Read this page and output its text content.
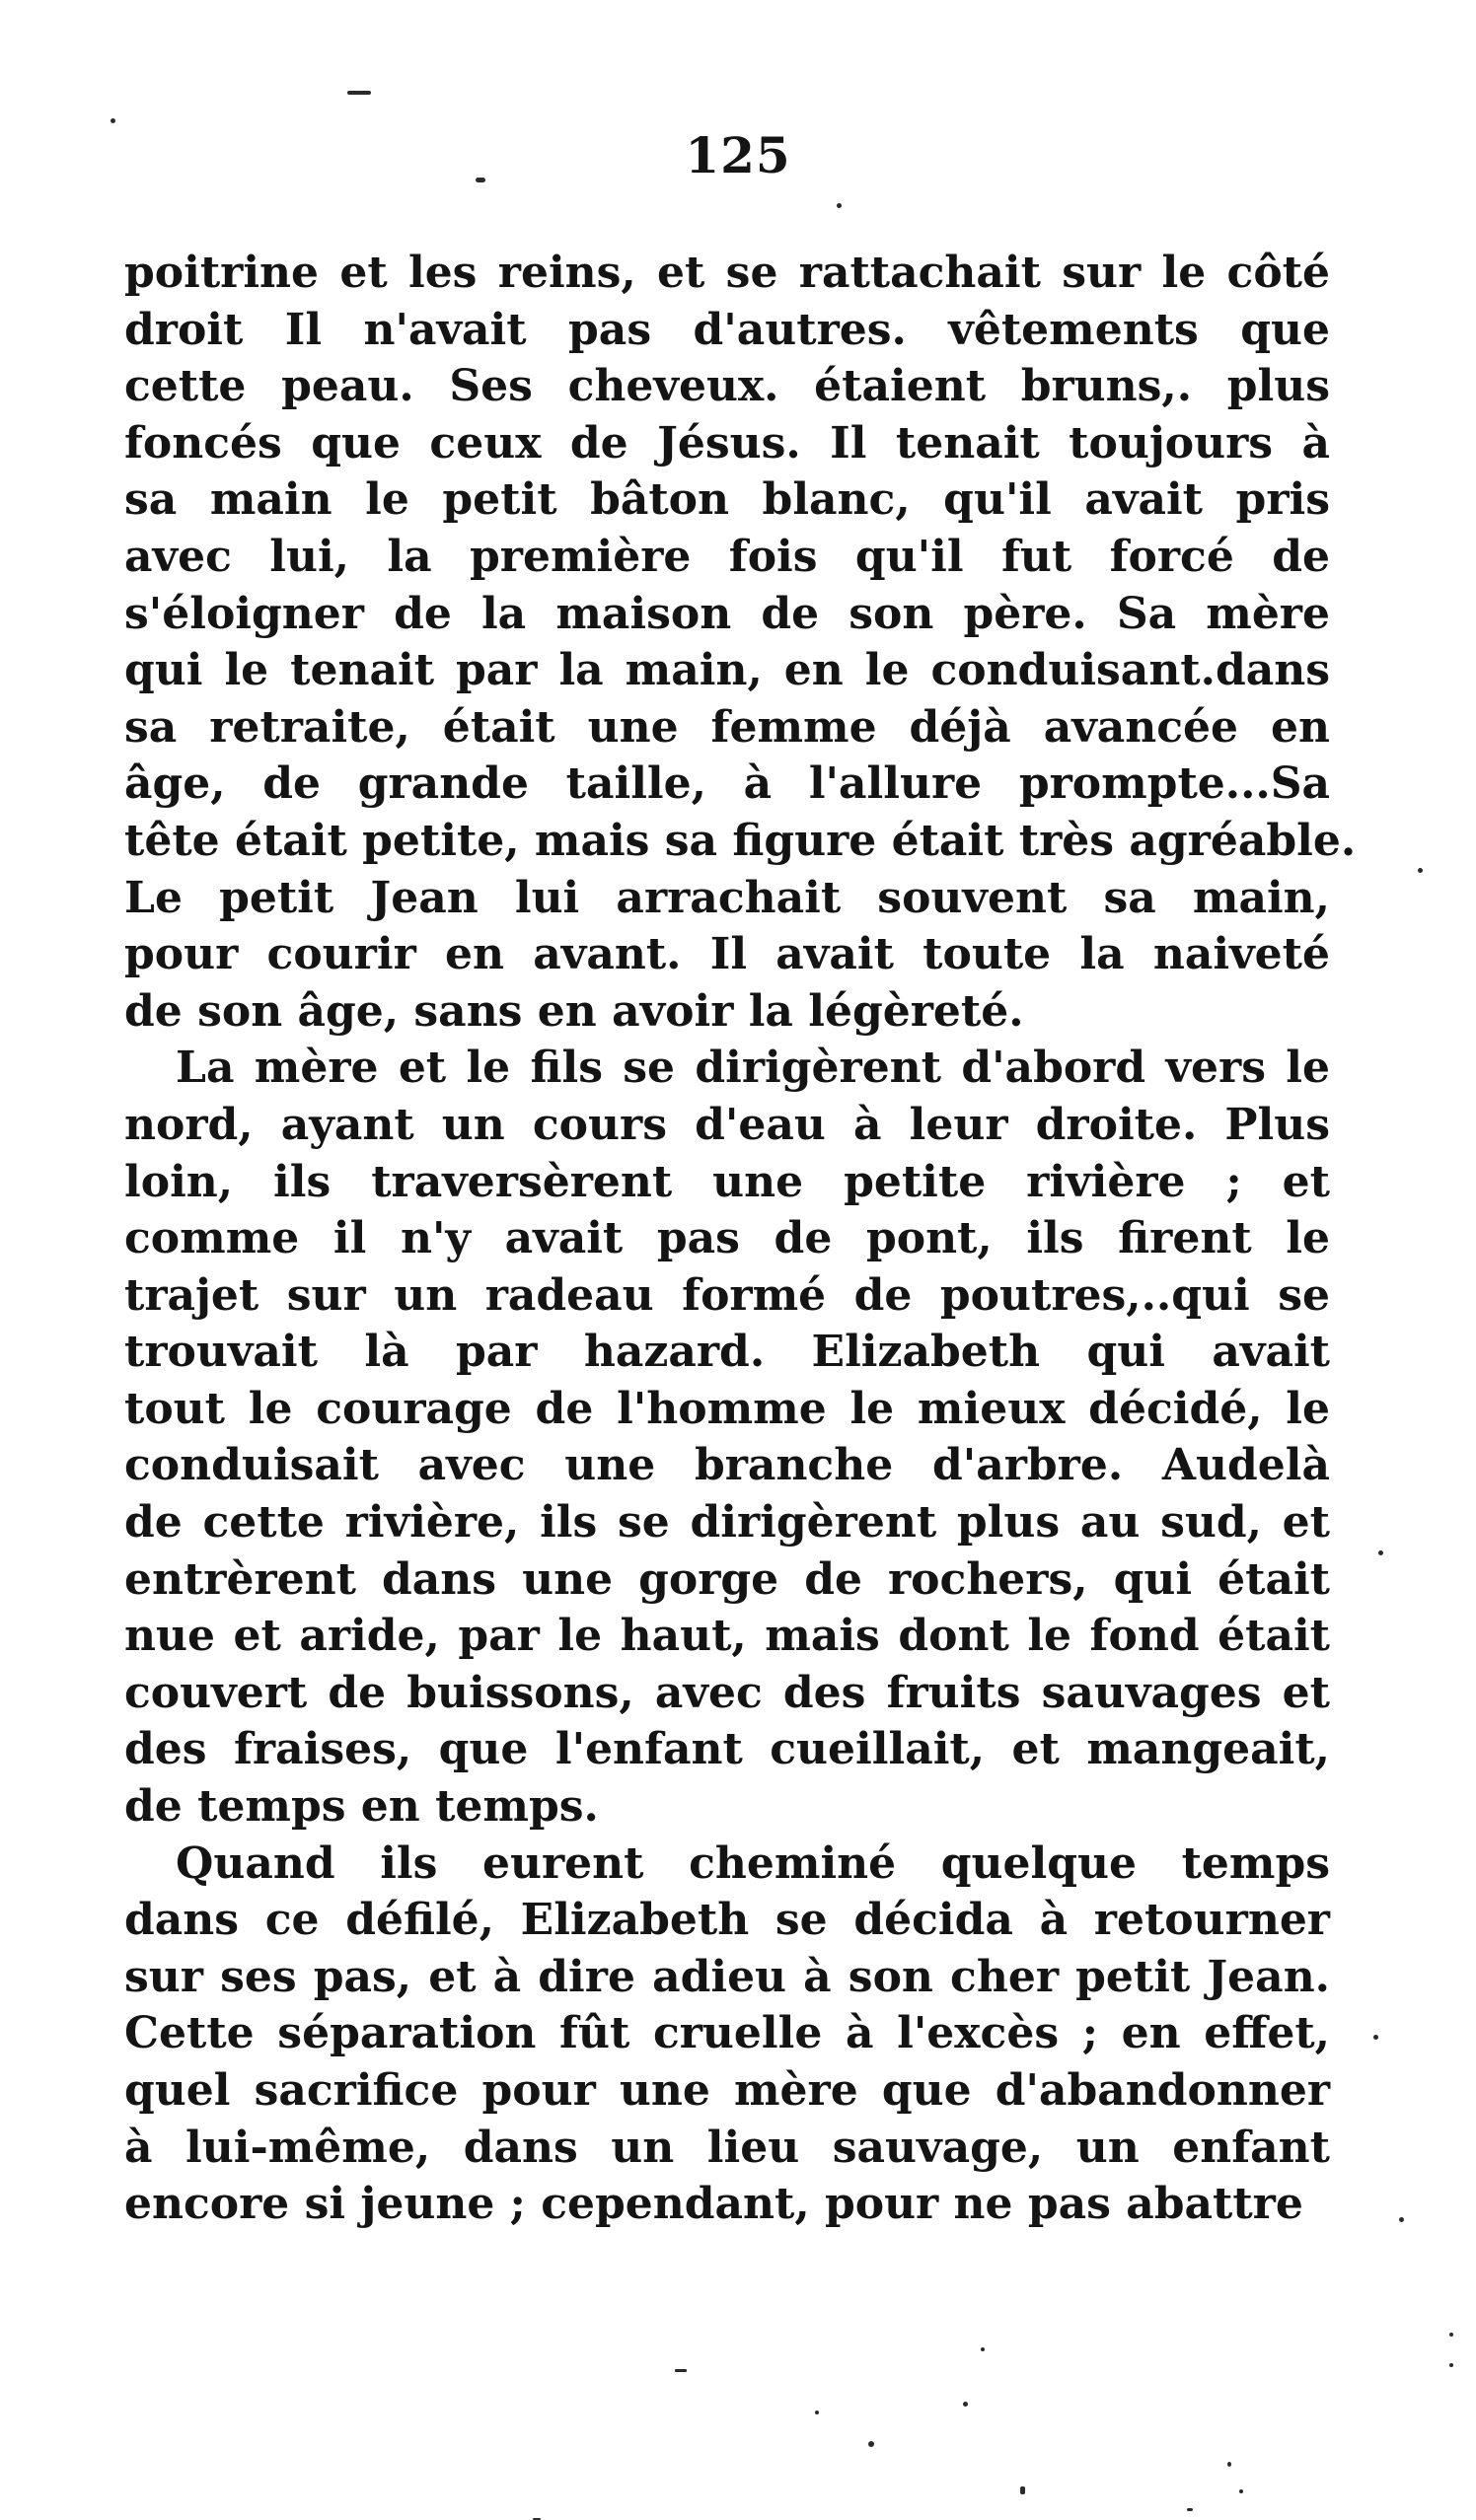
125
poitrine et les reins, et se rattachait sur le côté
droit Il n'avait pas d'autres. vêtements que
cette peau. Ses cheveux. étaient bruns,. plus
foncés que ceux de Jésus. Il tenait toujours à
sa main le petit bâton blanc, qu'il avait pris
avec lui, la première fois qu'il fut forcé de
s'éloigner de la maison de son père. Sa mère
qui le tenait par la main, en le conduisant.dans
sa retraite, était une femme déjà avancée en
âge, de grande taille, à l'allure prompte...Sa
tête était petite, mais sa figure était très agréable.
Le petit Jean lui arrachait souvent sa main,
pour courir en avant. Il avait toute la naiveté
de son âge, sans en avoir la légèreté.
La mère et le fils se dirigèrent d'abord vers le
nord, ayant un cours d'eau à leur droite. Plus
loin, ils traversèrent une petite rivière ; et
comme il n'y avait pas de pont, ils firent le
trajet sur un radeau formé de poutres,..qui se
trouvait là par hazard. Elizabeth qui avait
tout le courage de l'homme le mieux décidé, le
conduisait avec une branche d'arbre. Audelà
de cette rivière, ils se dirigèrent plus au sud, et
entrèrent dans une gorge de rochers, qui était
nue et aride, par le haut, mais dont le fond était
couvert de buissons, avec des fruits sauvages et
des fraises, que l'enfant cueillait, et mangeait,
de temps en temps.
Quand ils eurent cheminé quelque temps
dans ce défilé, Elizabeth se décida à retourner
sur ses pas, et à dire adieu à son cher petit Jean.
Cette séparation fût cruelle à l'excès ; en effet,
quel sacrifice pour une mère que d'abandonner
à lui-même, dans un lieu sauvage, un enfant
encore si jeune ; cependant, pour ne pas abattre
